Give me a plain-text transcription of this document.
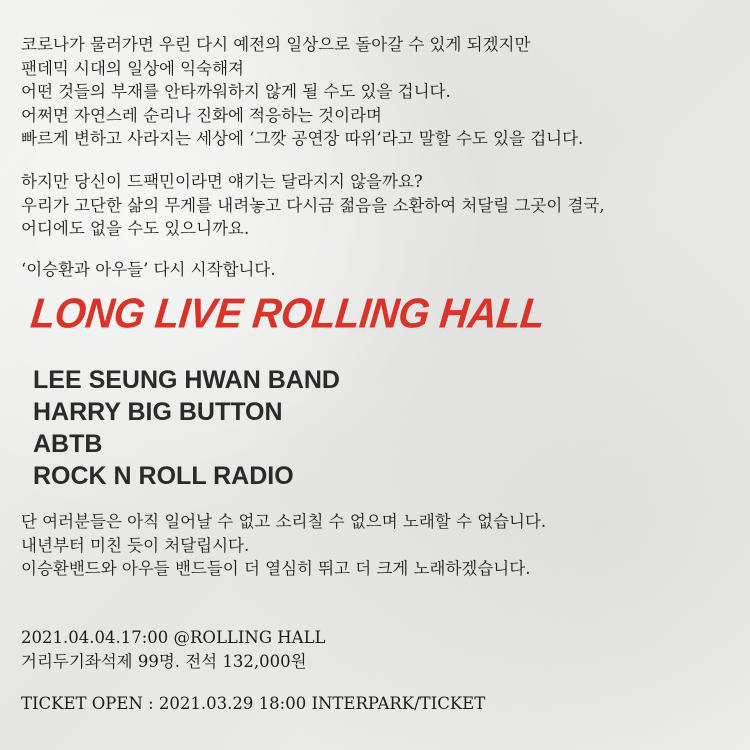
코로나가 물러가면 우린 다시 예전의 일상으로 돌아갈 수 있게 되겠지만
팬데믹 시대의 일상에 익숙해져
어떤 것들의 부재를 안타까워하지 않게 될 수도 있을 겁니다.
어쩌면 자연스레 순리나 진화에 적응하는 것이라며
빠르게 변하고 사라지는 세상에 ‘그깟 공연장 따위’라고 말할 수도 있을 겁니다.
하지만 당신이 드팩민이라면 얘기는 달라지지 않을까요?
우리가 고단한 삶의 무게를 내려놓고 다시금 젊음을 소환하여 처달릴 그곳이 결국,
어디에도 없을 수도 있으니까요.
‘이승환과 아우들’ 다시 시작합니다.
LONG LIVE ROLLING HALL
LEE SEUNG HWAN BAND
HARRY BIG BUTTON
ABTB
ROCK N ROLL RADIO
단 여러분들은 아직 일어날 수 없고 소리칠 수 없으며 노래할 수 없습니다.
내년부터 미친 듯이 처달립시다.
이승환밴드와 아우들 밴드들이 더 열심히 뛰고 더 크게 노래하겠습니다.
2021.04.04.17:00 @ROLLING HALL
거리두기좌석제 99명. 전석 132,000원
TICKET OPEN : 2021.03.29 18:00 INTERPARK/TICKET
